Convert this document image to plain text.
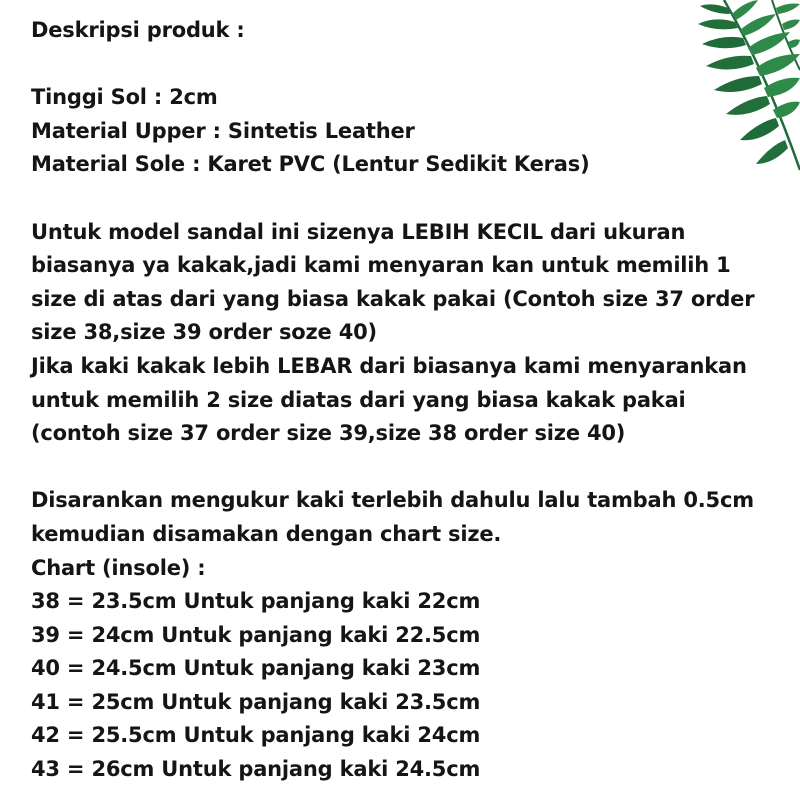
Deskripsi produk :
Tinggi Sol : 2cm
Material Upper : Sintetis Leather
Material Sole : Karet PVC (Lentur Sedikit Keras)
Untuk model sandal ini sizenya LEBIH KECIL dari ukuran
biasanya ya kakak,jadi kami menyaran kan untuk memilih 1
size di atas dari yang biasa kakak pakai (Contoh size 37 order
size 38,size 39 order soze 40)
Jika kaki kakak lebih LEBAR dari biasanya kami menyarankan
untuk memilih 2 size diatas dari yang biasa kakak pakai
(contoh size 37 order size 39,size 38 order size 40)
Disarankan mengukur kaki terlebih dahulu lalu tambah 0.5cm
kemudian disamakan dengan chart size.
Chart (insole) :
38 = 23.5cm Untuk panjang kaki 22cm
39 = 24cm Untuk panjang kaki 22.5cm
40 = 24.5cm Untuk panjang kaki 23cm
41 = 25cm Untuk panjang kaki 23.5cm
42 = 25.5cm Untuk panjang kaki 24cm
43 = 26cm Untuk panjang kaki 24.5cm
